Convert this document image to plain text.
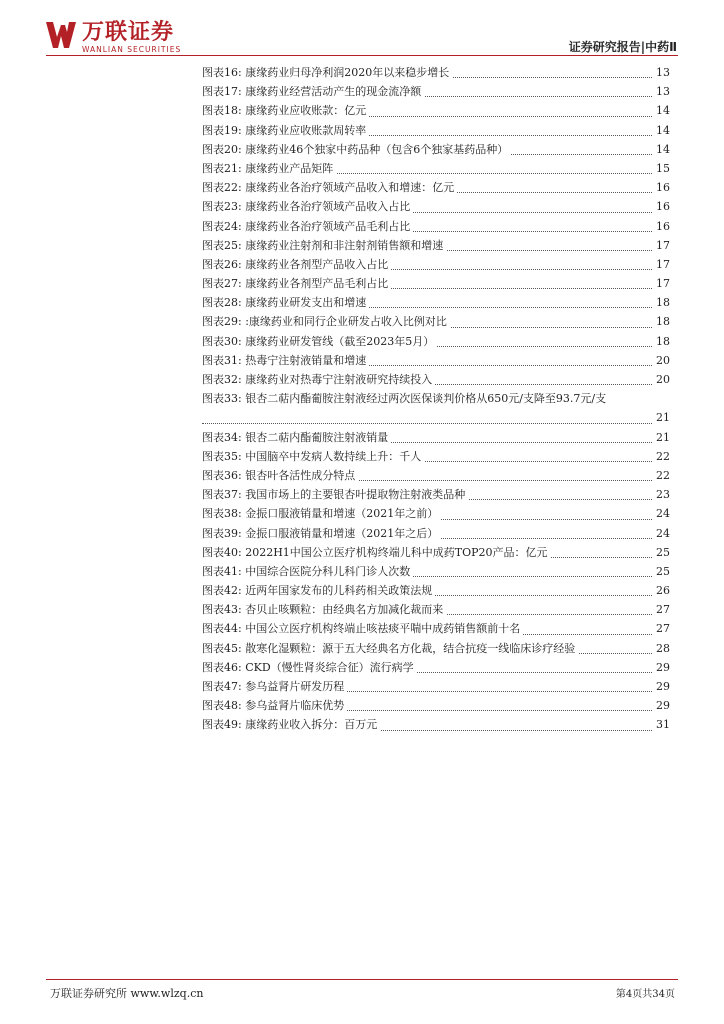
万联证券
WANLIAN SECURITIES	证券研究报告|中药Ⅱ
图表16: 康缘药业归母净利润2020年以来稳步增长	13
图表17: 康缘药业经营活动产生的现金流净额	13
图表18: 康缘药业应收账款：亿元	14
图表19: 康缘药业应收账款周转率	14
图表20: 康缘药业46个独家中药品种（包含6个独家基药品种）	14
图表21: 康缘药业产品矩阵	15
图表22: 康缘药业各治疗领域产品收入和增速：亿元	16
图表23: 康缘药业各治疗领域产品收入占比	16
图表24: 康缘药业各治疗领域产品毛利占比	16
图表25: 康缘药业注射剂和非注射剂销售额和增速	17
图表26: 康缘药业各剂型产品收入占比	17
图表27: 康缘药业各剂型产品毛利占比	17
图表28: 康缘药业研发支出和增速	18
图表29: :康缘药业和同行企业研发占收入比例对比	18
图表30: 康缘药业研发管线（截至2023年5月）	18
图表31: 热毒宁注射液销量和增速	20
图表32: 康缘药业对热毒宁注射液研究持续投入	20
图表33: 银杏二萜内酯葡胺注射液经过两次医保谈判价格从650元/支降至93.7元/支
21
图表34: 银杏二萜内酯葡胺注射液销量	21
图表35: 中国脑卒中发病人数持续上升：千人	22
图表36: 银杏叶各活性成分特点	22
图表37: 我国市场上的主要银杏叶提取物注射液类品种	23
图表38: 金振口服液销量和增速（2021年之前）	24
图表39: 金振口服液销量和增速（2021年之后）	24
图表40: 2022H1中国公立医疗机构终端儿科中成药TOP20产品：亿元	25
图表41: 中国综合医院分科儿科门诊人次数	25
图表42: 近两年国家发布的儿科药相关政策法规	26
图表43: 杏贝止咳颗粒：由经典名方加减化裁而来	27
图表44: 中国公立医疗机构终端止咳祛痰平喘中成药销售额前十名	27
图表45: 散寒化湿颗粒：源于五大经典名方化裁，结合抗疫一线临床诊疗经验	28
图表46: CKD（慢性肾炎综合征）流行病学	29
图表47: 参乌益肾片研发历程	29
图表48: 参乌益肾片临床优势	29
图表49: 康缘药业收入拆分：百万元	31
万联证券研究所 www.wlzq.cn	第4页共34页
